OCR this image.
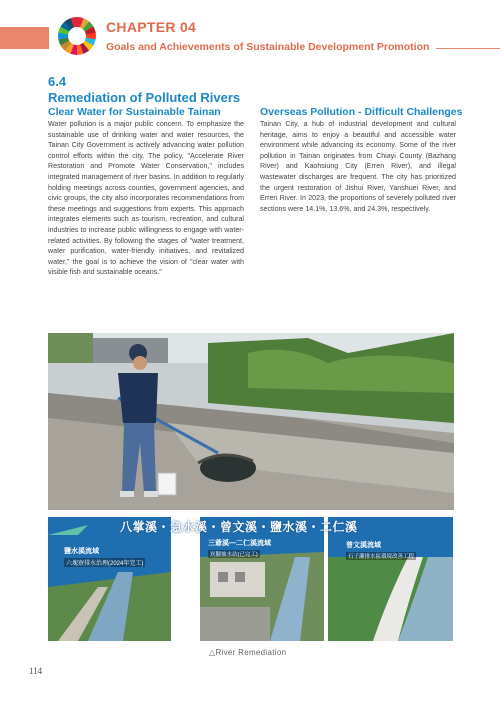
CHAPTER 04
Goals and Achievements of Sustainable Development Promotion
6.4
Remediation of Polluted Rivers
Clear Water for Sustainable Tainan
Water pollution is a major public concern. To emphasize the sustainable use of drinking water and water resources, the Tainan City Government is actively advancing water pollution control efforts within the city. The policy, "Accelerate River Restoration and Promote Water Conservation," includes integrated management of river basins. In addition to regularly holding meetings across counties, government agencies, and civic groups, the city also incorporates recommendations from these meetings and suggestions from experts. This approach integrates elements such as tourism, recreation, and cultural industries to increase public willingness to engage with water-related activities. By following the stages of "water treatment, water purification, water-friendly initiatives, and revitalized water," the goal is to achieve the vision of "clear water with visible fish and sustainable oceans."
Overseas Pollution - Difficult Challenges
Tainan City, a hub of industrial development and cultural heritage, aims to enjoy a beautiful and accessible water environment while advancing its economy. Some of the river pollution in Tainan originates from Chiayi County (Bazhang River) and Kaohsiung City (Erren River), and illegal wastewater discharges are frequent. The city has prioritized the urgent restoration of Jishui River, Yanshuei River, and Erren River. In 2023, the proportions of severely polluted river sections were 14.1%, 13.6%, and 24.3%, respectively.
八掌溪・急水溪・曾文溪・鹽水溪・二仁溪
鹽水溪流域
六塊寮排水治理(2024年完工)
三爺溪—二仁溪流域
崁腳抽水站(已完工)
曾文溪流域
石子瀨排水區環境改善工程
△River Remediation
114
